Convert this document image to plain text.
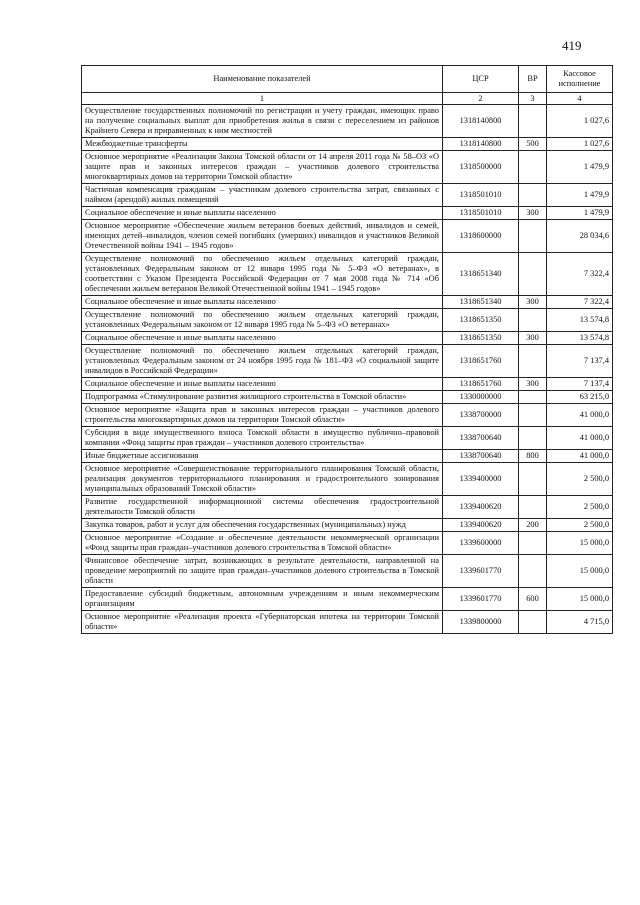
419
Наименование показателей	ЦСР	ВР	Кассовое исполнение
1	2	3	4
Осуществление государственных полномочий по регистрации и учету граждан, имеющих право на получение социальных выплат для приобретения жилья в связи с переселением из районов Крайнего Севера и приравненных к ним местностей	1318140800		1 027,6
Межбюджетные трансферты	1318140800	500	1 027,6
Основное мероприятие «Реализация Закона Томской области от 14 апреля 2011 года № 58–ОЗ «О защите прав и законных интересов граждан – участников долевого строительства многоквартирных домов на территории Томской области»	1318500000		1 479,9
Частичная компенсация гражданам – участникам долевого строительства затрат, связанных с наймом (арендой) жилых помещений	1318501010		1 479,9
Социальное обеспечение и иные выплаты населению	1318501010	300	1 479,9
Основное мероприятие «Обеспечение жильем ветеранов боевых действий, инвалидов и семей, имеющих детей–инвалидов, членов семей погибших (умерших) инвалидов и участников Великой Отечественной войны 1941 – 1945 годов»	1318600000		28 034,6
Осуществление полномочий по обеспечению жильем отдельных категорий граждан, установленных Федеральным законом от 12 января 1995 года № 5–ФЗ «О ветеранах», в соответствии с Указом Президента Российской Федерации от 7 мая 2008 года № 714 «Об обеспечении жильем ветеранов Великой Отечественной войны 1941 – 1945 годов»	1318651340		7 322,4
Социальное обеспечение и иные выплаты населению	1318651340	300	7 322,4
Осуществление полномочий по обеспечению жильем отдельных категорий граждан, установленных Федеральным законом от 12 января 1995 года № 5–ФЗ «О ветеранах»	1318651350		13 574,8
Социальное обеспечение и иные выплаты населению	1318651350	300	13 574,8
Осуществление полномочий по обеспечению жильем отдельных категорий граждан, установленных Федеральным законом от 24 ноября 1995 года № 181–ФЗ «О социальной защите инвалидов в Российской Федерации»	1318651760		7 137,4
Социальное обеспечение и иные выплаты населению	1318651760	300	7 137,4
Подпрограмма «Стимулирование развития жилищного строительства в Томской области»	1330000000		63 215,0
Основное мероприятие «Защита прав и законных интересов граждан – участников долевого строительства многоквартирных домов на территории Томской области»	1338700000		41 000,0
Субсидия в виде имущественного взноса Томской области в имущество публично–правовой компании «Фонд защиты прав граждан – участников долевого строительства»	1338700640		41 000,0
Иные бюджетные ассигнования	1338700640	800	41 000,0
Основное мероприятие «Совершенствование территориального планирования Томской области, реализация документов территориального планирования и градостроительного зонирования муниципальных образований Томской области»	1339400000		2 500,0
Развитие государственной информационной системы обеспечения градостроительной деятельности Томской области	1339400620		2 500,0
Закупка товаров, работ и услуг для обеспечения государственных (муниципальных) нужд	1339400620	200	2 500,0
Основное мероприятие «Создание и обеспечение деятельности некоммерческой организации «Фонд защиты прав граждан–участников долевого строительства в Томской области»	1339600000		15 000,0
Финансовое обеспечение затрат, возникающих в результате деятельности, направленной на проведение мероприятий по защите прав граждан–участников долевого строительства в Томской области	1339601770		15 000,0
Предоставление субсидий бюджетным, автономным учреждениям и иным некоммерческим организациям	1339601770	600	15 000,0
Основное мероприятие «Реализация проекта «Губернаторская ипотека на территории Томской области»	1339800000		4 715,0
